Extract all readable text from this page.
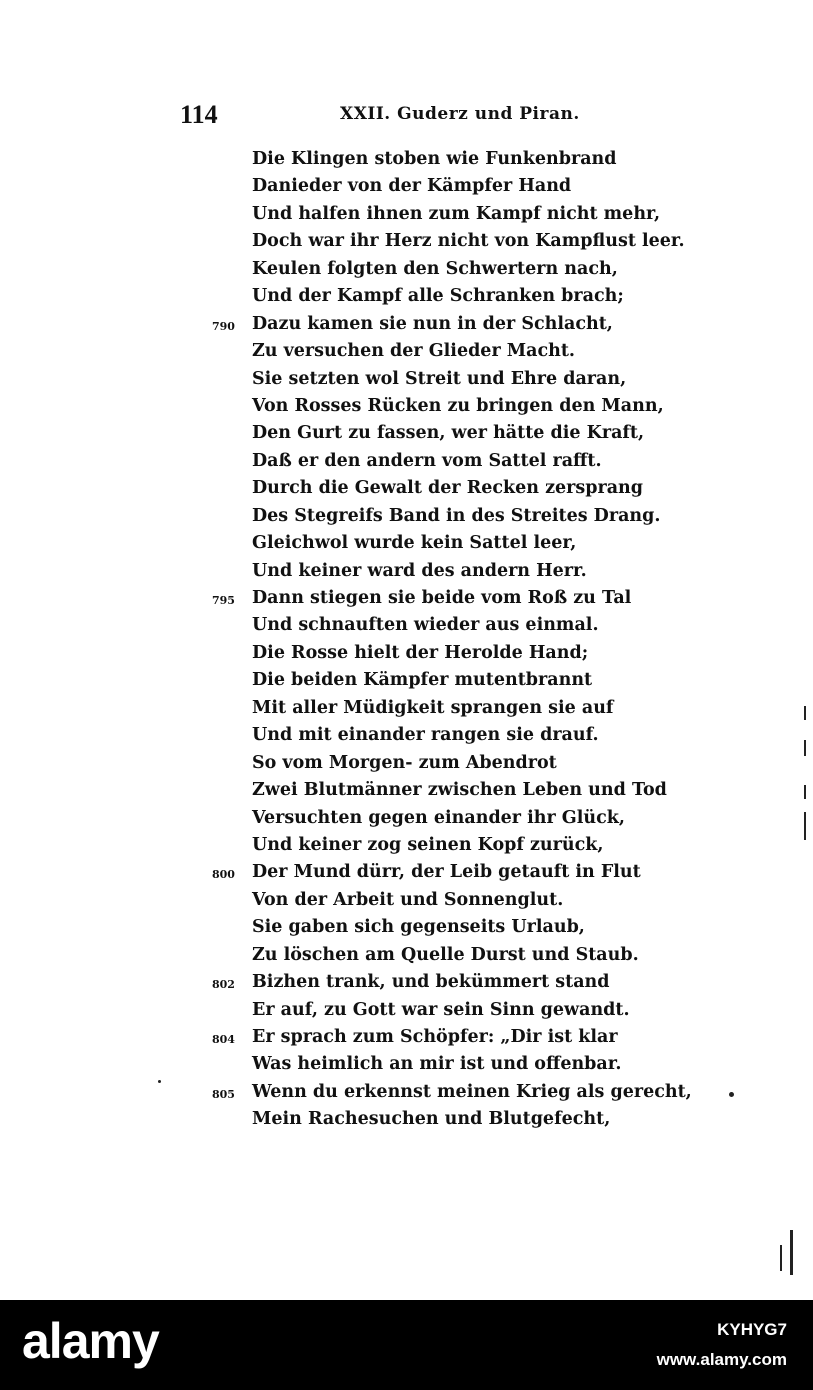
114	XXII. Guderz und Piran.
Die Klingen stoben wie Funkenbrand
Danieder von der Kämpfer Hand
Und halfen ihnen zum Kampf nicht mehr,
Doch war ihr Herz nicht von Kampflust leer.
Keulen folgten den Schwertern nach,
Und der Kampf alle Schranken brach;
790 Dazu kamen sie nun in der Schlacht,
Zu versuchen der Glieder Macht.
Sie setzten wol Streit und Ehre daran,
Von Rosses Rücken zu bringen den Mann,
Den Gurt zu fassen, wer hätte die Kraft,
Daß er den andern vom Sattel rafft.
Durch die Gewalt der Recken zersprang
Des Stegreifs Band in des Streites Drang.
Gleichwol wurde kein Sattel leer,
Und keiner ward des andern Herr.
795 Dann stiegen sie beide vom Roß zu Tal
Und schnauften wieder aus einmal.
Die Rosse hielt der Herolde Hand;
Die beiden Kämpfer mutentbrannt
Mit aller Müdigkeit sprangen sie auf
Und mit einander rangen sie drauf.
So vom Morgen- zum Abendrot
Zwei Blutmänner zwischen Leben und Tod
Versuchten gegen einander ihr Glück,
Und keiner zog seinen Kopf zurück,
800 Der Mund dürr, der Leib getauft in Flut
Von der Arbeit und Sonnenglut.
Sie gaben sich gegenseits Urlaub,
Zu löschen am Quelle Durst und Staub.
802 Bizhen trank, und bekümmert stand
Er auf, zu Gott war sein Sinn gewandt.
804 Er sprach zum Schöpfer: „Dir ist klar
Was heimlich an mir ist und offenbar.
805 Wenn du erkennst meinen Krieg als gerecht,
Mein Rachesuchen und Blutgefecht,
alamy	KYHYG7
www.alamy.com
